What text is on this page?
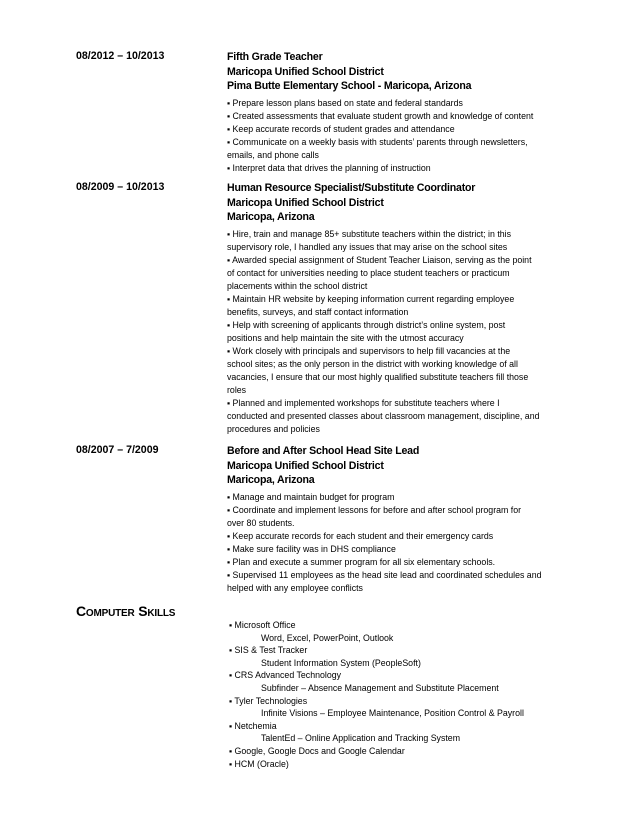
08/2012 – 10/2013	Fifth Grade Teacher
Maricopa Unified School District
Pima Butte Elementary School - Maricopa, Arizona
▪ Prepare lesson plans based on state and federal standards
▪ Created assessments that evaluate student growth and knowledge of content
▪ Keep accurate records of student grades and attendance
▪ Communicate on a weekly basis with students’ parents through newsletters,
emails, and phone calls
▪ Interpret data that drives the planning of instruction
08/2009 – 10/2013	Human Resource Specialist/Substitute Coordinator
Maricopa Unified School District
Maricopa, Arizona
▪ Hire, train and manage 85+ substitute teachers within the district; in this
supervisory role, I handled any issues that may arise on the school sites
▪ Awarded special assignment of Student Teacher Liaison, serving as the point
of contact for universities needing to place student teachers or practicum
placements within the school district
▪ Maintain HR website by keeping information current regarding employee
benefits, surveys, and staff contact information
▪ Help with screening of applicants through district’s online system, post
positions and help maintain the site with the utmost accuracy
▪ Work closely with principals and supervisors to help fill vacancies at the
school sites; as the only person in the district with working knowledge of all
vacancies, I ensure that our most highly qualified substitute teachers fill those
roles
▪ Planned and implemented workshops for substitute teachers where I
conducted and presented classes about classroom management, discipline, and
procedures and policies
08/2007 – 7/2009	Before and After School Head Site Lead
Maricopa Unified School District
Maricopa, Arizona
▪ Manage and maintain budget for program
▪ Coordinate and implement lessons for before and after school program for
over 80 students.
▪ Keep accurate records for each student and their emergency cards
▪ Make sure facility was in DHS compliance
▪ Plan and execute a summer program for all six elementary schools.
▪ Supervised 11 employees as the head site lead and coordinated schedules and
helped with any employee conflicts
Computer Skills
▪ Microsoft Office
Word, Excel, PowerPoint, Outlook
▪ SIS & Test Tracker
Student Information System (PeopleSoft)
▪ CRS Advanced Technology
Subfinder – Absence Management and Substitute Placement
▪ Tyler Technologies
Infinite Visions – Employee Maintenance, Position Control & Payroll
▪ Netchemia
TalentEd – Online Application and Tracking System
▪ Google, Google Docs and Google Calendar
▪ HCM (Oracle)
